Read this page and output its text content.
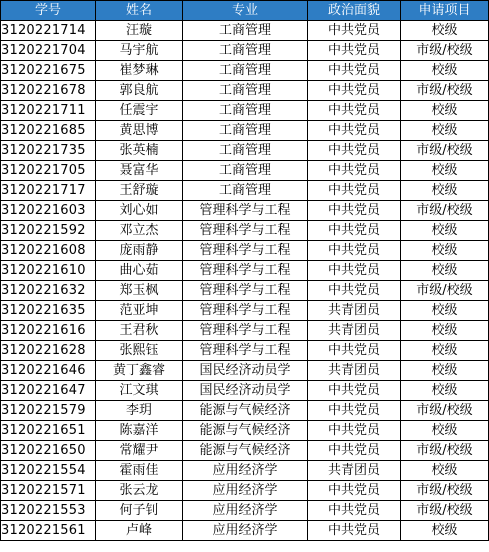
学号	姓名	专业	政治面貌	申请项目
3120221714	汪璇	工商管理	中共党员	校级
3120221704	马宇航	工商管理	中共党员	市级/校级
3120221675	崔梦琳	工商管理	中共党员	校级
3120221678	郭良航	工商管理	中共党员	市级/校级
3120221711	任震宇	工商管理	中共党员	校级
3120221685	黄思博	工商管理	中共党员	校级
3120221735	张英楠	工商管理	中共党员	市级/校级
3120221705	聂富华	工商管理	中共党员	校级
3120221717	王舒璇	工商管理	中共党员	校级
3120221603	刘心如	管理科学与工程	中共党员	市级/校级
3120221592	邓立杰	管理科学与工程	中共党员	校级
3120221608	庞雨静	管理科学与工程	中共党员	校级
3120221610	曲心茹	管理科学与工程	中共党员	校级
3120221632	郑玉枫	管理科学与工程	中共党员	市级/校级
3120221635	范亚坤	管理科学与工程	共青团员	校级
3120221616	王君秋	管理科学与工程	共青团员	校级
3120221628	张熙钰	管理科学与工程	中共党员	校级
3120221646	黄丁鑫睿	国民经济动员学	共青团员	校级
3120221647	江文琪	国民经济动员学	中共党员	校级
3120221579	李玥	能源与气候经济	中共党员	市级/校级
3120221651	陈嘉洋	能源与气候经济	中共党员	校级
3120221650	常耀尹	能源与气候经济	中共党员	市级/校级
3120221554	霍雨佳	应用经济学	共青团员	校级
3120221571	张云龙	应用经济学	中共党员	市级/校级
3120221553	何子钊	应用经济学	中共党员	市级/校级
3120221561	卢峰	应用经济学	中共党员	校级
